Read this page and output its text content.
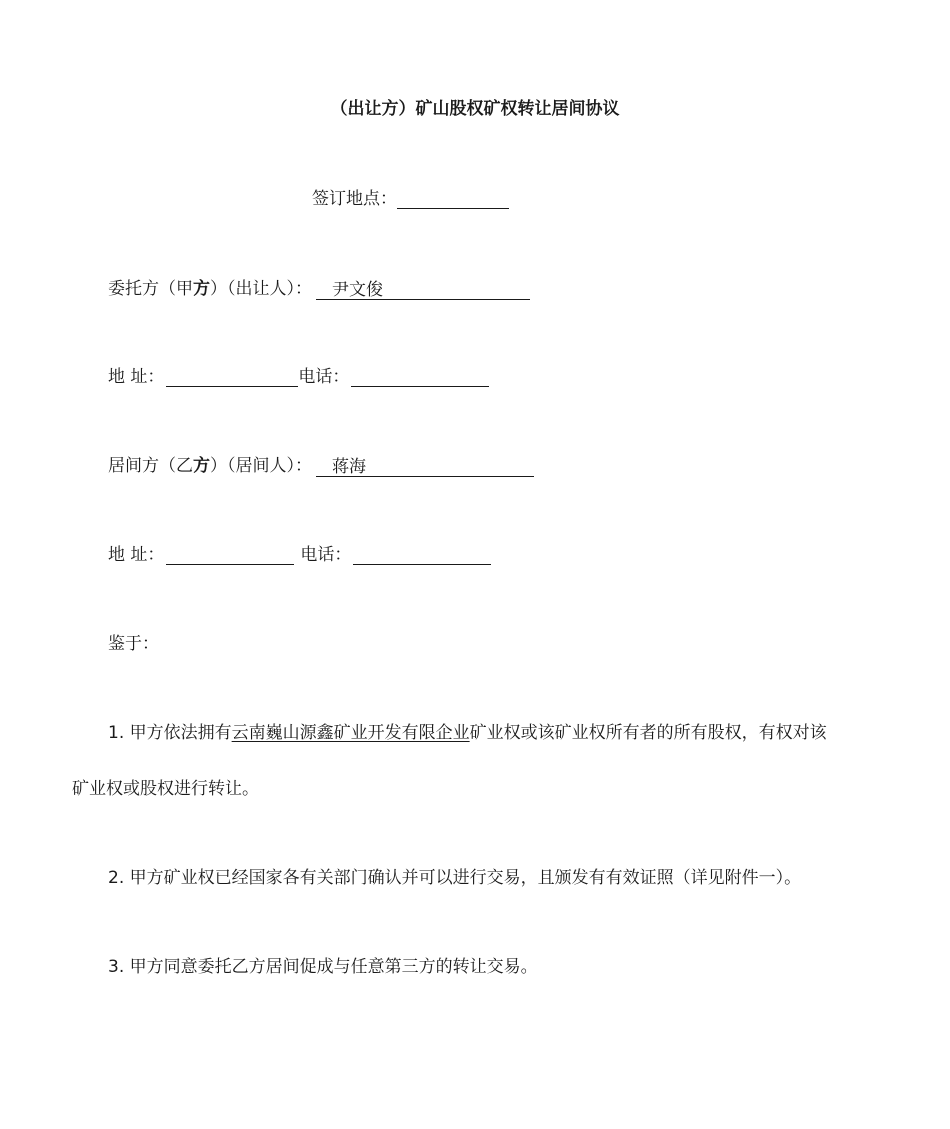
（出让方）矿山股权矿权转让居间协议
签订地点：
委托方（甲方）（出让人）： 尹文俊
地 址：	电话：
居间方（乙方）（居间人）： 蒋海
地 址：	电话：
鉴于：
1. 甲方依法拥有云南巍山源鑫矿业开发有限企业矿业权或该矿业权所有者的所有股权，有权对该
矿业权或股权进行转让。
2. 甲方矿业权已经国家各有关部门确认并可以进行交易，且颁发有有效证照（详见附件一）。
3. 甲方同意委托乙方居间促成与任意第三方的转让交易。
